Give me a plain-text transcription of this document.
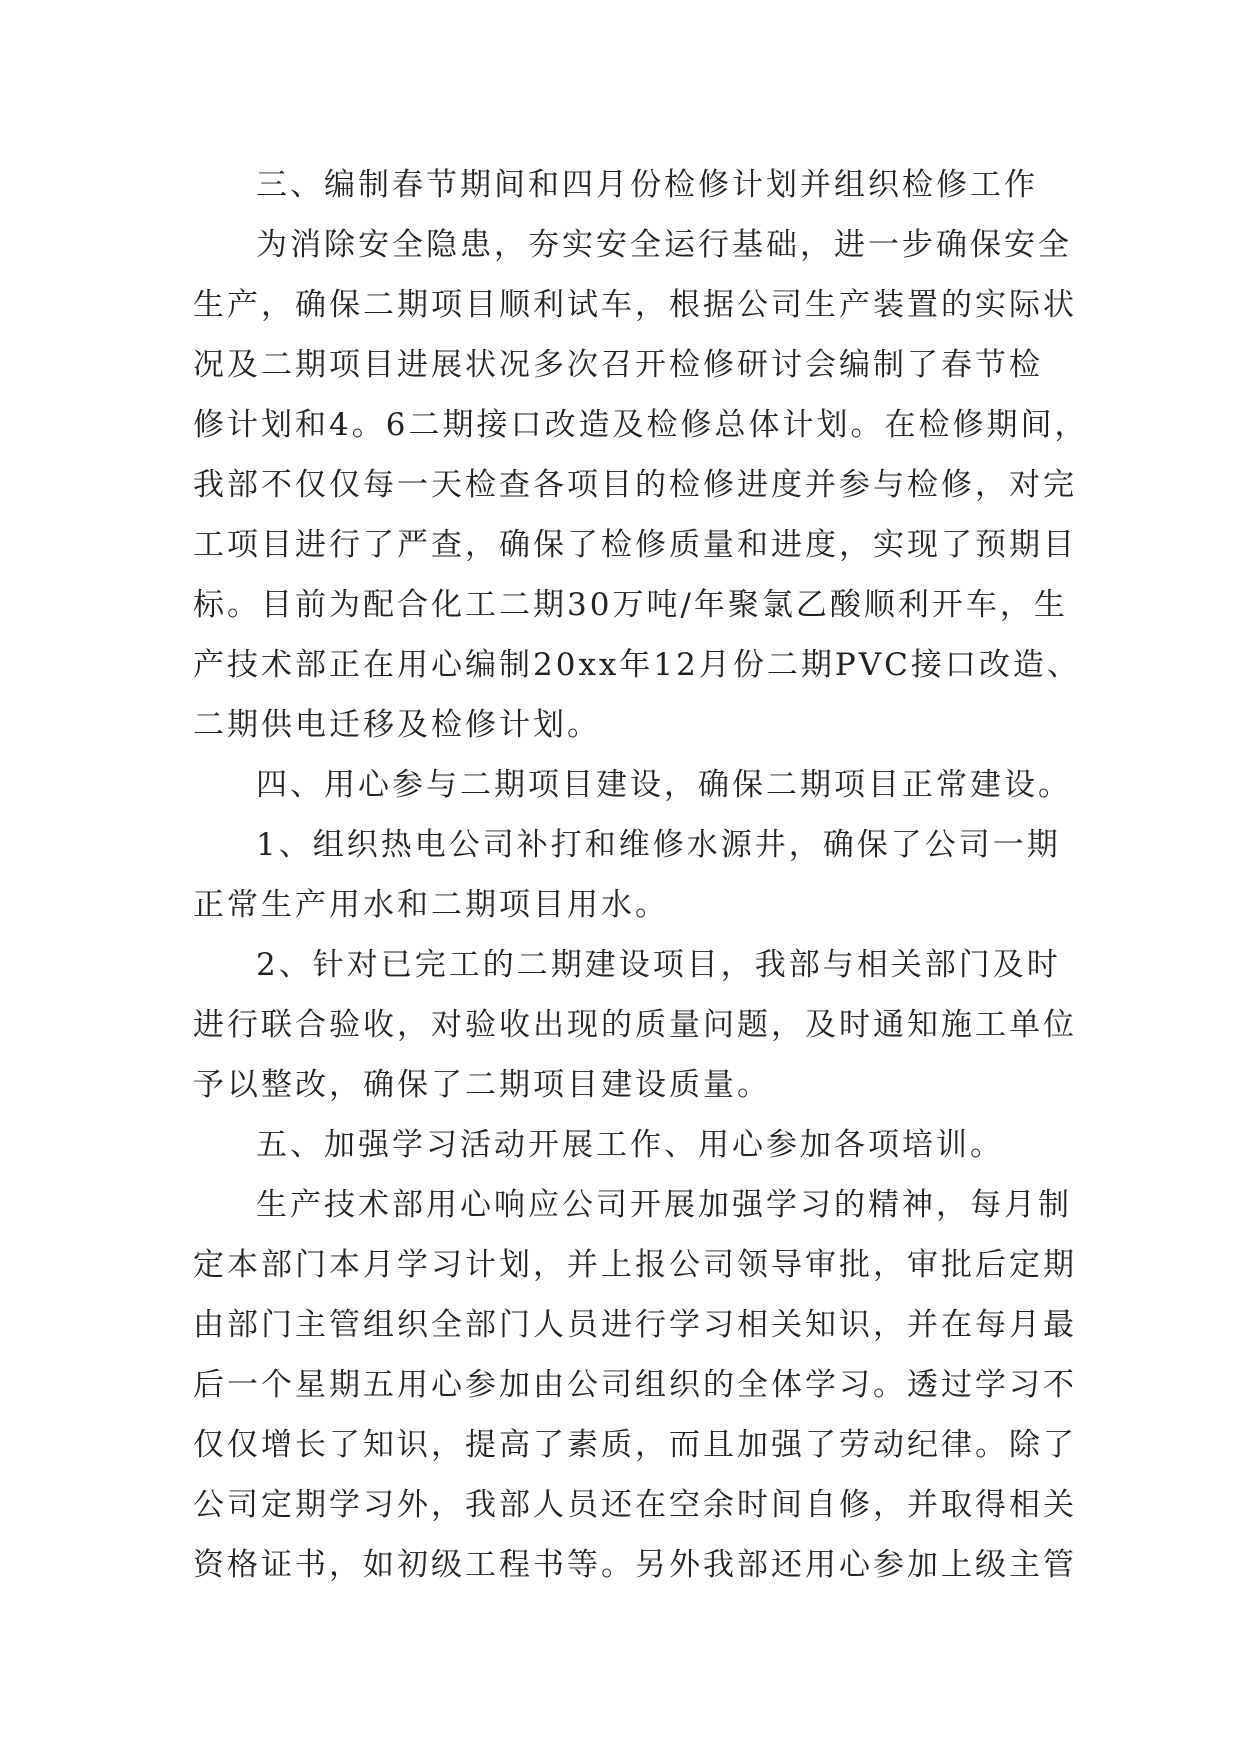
三、编制春节期间和四月份检修计划并组织检修工作
为消除安全隐患，夯实安全运行基础，进一步确保安全
生产，确保二期项目顺利试车，根据公司生产装置的实际状
况及二期项目进展状况多次召开检修研讨会编制了春节检
修计划和4。6二期接口改造及检修总体计划。在检修期间，
我部不仅仅每一天检查各项目的检修进度并参与检修，对完
工项目进行了严查，确保了检修质量和进度，实现了预期目
标。目前为配合化工二期30万吨/年聚氯乙酸顺利开车，生
产技术部正在用心编制20xx年12月份二期PVC接口改造、
二期供电迁移及检修计划。
四、用心参与二期项目建设，确保二期项目正常建设。
1、组织热电公司补打和维修水源井，确保了公司一期
正常生产用水和二期项目用水。
2、针对已完工的二期建设项目，我部与相关部门及时
进行联合验收，对验收出现的质量问题，及时通知施工单位
予以整改，确保了二期项目建设质量。
五、加强学习活动开展工作、用心参加各项培训。
生产技术部用心响应公司开展加强学习的精神，每月制
定本部门本月学习计划，并上报公司领导审批，审批后定期
由部门主管组织全部门人员进行学习相关知识，并在每月最
后一个星期五用心参加由公司组织的全体学习。透过学习不
仅仅增长了知识，提高了素质，而且加强了劳动纪律。除了
公司定期学习外，我部人员还在空余时间自修，并取得相关
资格证书，如初级工程书等。另外我部还用心参加上级主管
